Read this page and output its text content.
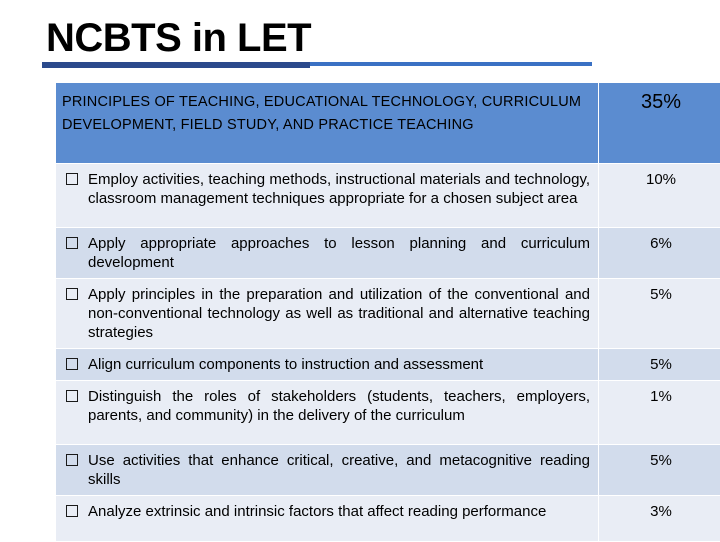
NCBTS in LET
PRINCIPLES OF TEACHING, EDUCATIONAL TECHNOLOGY, CURRICULUM DEVELOPMENT, FIELD STUDY, AND PRACTICE TEACHING	35%

Employ activities, teaching methods, instructional materials and technology, classroom management techniques appropriate for a chosen subject area	10%

Apply appropriate approaches to lesson planning and curriculum development	6%

Apply principles in the preparation and utilization of the conventional and non-conventional technology as well as traditional and alternative teaching strategies	5%

Align curriculum components to instruction and assessment	5%

Distinguish the roles of stakeholders (students, teachers, employers, parents, and community) in the delivery of the curriculum	1%

Use activities that enhance critical, creative, and metacognitive reading skills	5%

Analyze extrinsic and intrinsic factors that affect reading performance	3%
